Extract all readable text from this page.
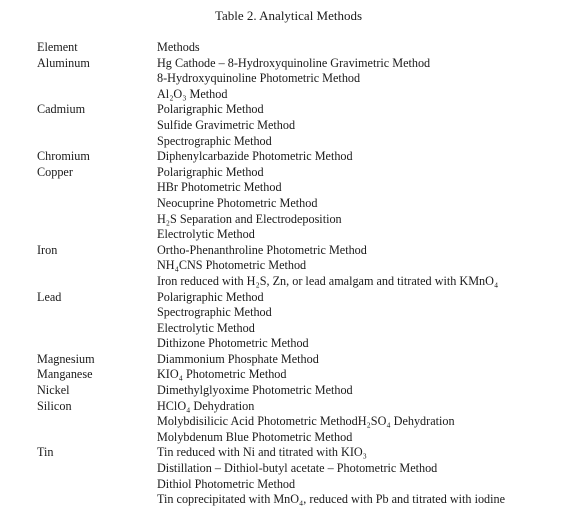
Table 2. Analytical Methods
Element	Methods
Aluminum	Hg Cathode – 8-Hydroxyquinoline Gravimetric Method
8-Hydroxyquinoline Photometric Method
Al₂O₃ Method
Cadmium	Polarigraphic Method
Sulfide Gravimetric Method
Spectrographic Method
Chromium	Diphenylcarbazide Photometric Method
Copper	Polarigraphic Method
HBr Photometric Method
Neocuprine Photometric Method
H₂S Separation and Electrodeposition
Electrolytic Method
Iron	Ortho-Phenanthroline Photometric Method
NH₄CNS Photometric Method
Iron reduced with H₂S, Zn, or lead amalgam and titrated with KMnO₄
Lead	Polarigraphic Method
Spectrographic Method
Electrolytic Method
Dithizone Photometric Method
Magnesium	Diammonium Phosphate Method
Manganese	KIO₄ Photometric Method
Nickel	Dimethylglyoxime Photometric Method
Silicon	HClO₄ Dehydration
Molybdisilicic Acid Photometric MethodH₂SO₄ Dehydration
Molybdenum Blue Photometric Method
Tin	Tin reduced with Ni and titrated with KIO₃
Distillation – Dithiol-butyl acetate – Photometric Method
Dithiol Photometric Method
Tin coprecipitated with MnO₄, reduced with Pb and titrated with iodine
